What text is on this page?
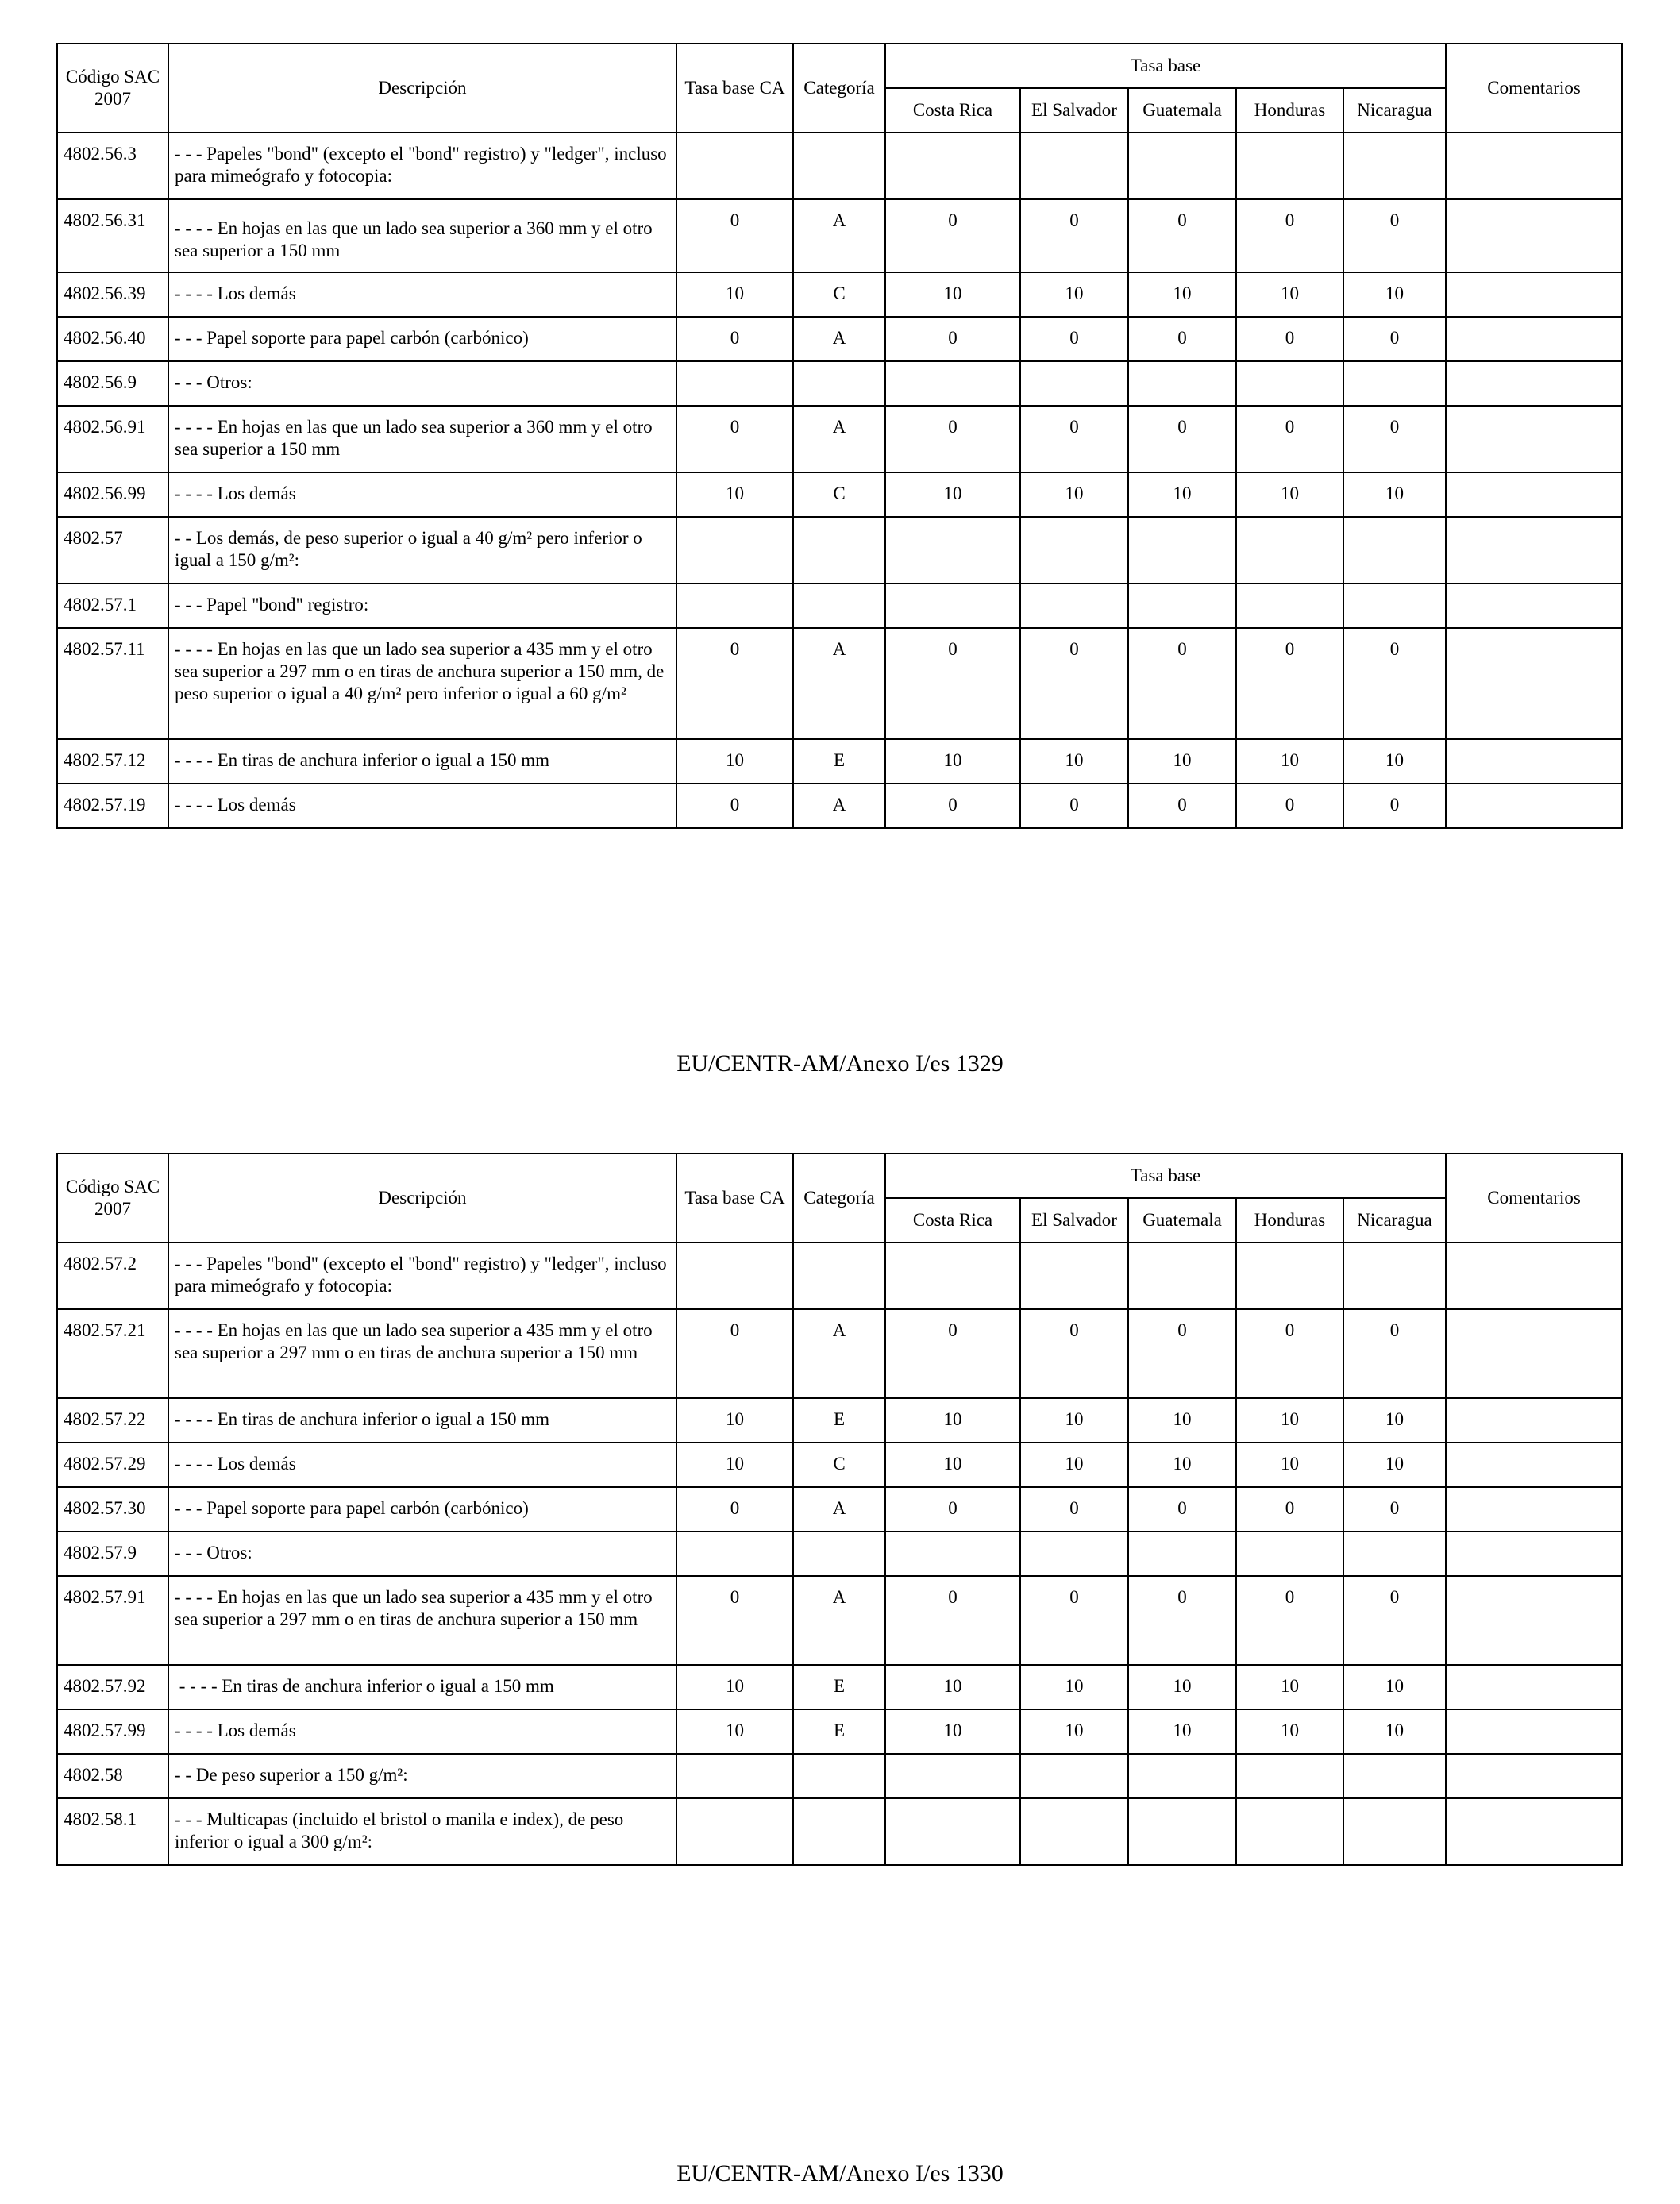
Código SAC 2007	Descripción	Tasa base CA	Categoría	Tasa base					Comentarios
				Costa Rica	El Salvador	Guatemala	Honduras	Nicaragua	
4802.56.3	- - - Papeles "bond" (excepto el "bond" registro) y "ledger", incluso para mimeógrafo y fotocopia:								
4802.56.31	- - - - En hojas en las que un lado sea superior a 360 mm y el otro sea superior a 150 mm	0	A	0	0	0	0	0	
4802.56.39	- - - - Los demás	10	C	10	10	10	10	10	
4802.56.40	- - - Papel soporte para papel carbón (carbónico)	0	A	0	0	0	0	0	
4802.56.9	- - - Otros:								
4802.56.91	- - - - En hojas en las que un lado sea superior a 360 mm y el otro sea superior a 150 mm	0	A	0	0	0	0	0	
4802.56.99	- - - - Los demás	10	C	10	10	10	10	10	
4802.57	- - Los demás, de peso superior o igual a 40 g/m² pero inferior o igual a 150 g/m²:								
4802.57.1	- - - Papel "bond" registro:								
4802.57.11	- - - - En hojas en las que un lado sea superior a 435 mm y el otro sea superior a 297 mm o en tiras de anchura superior a 150 mm, de peso superior o igual a 40 g/m² pero inferior o igual a 60 g/m²	0	A	0	0	0	0	0	
4802.57.12	- - - - En tiras de anchura inferior o igual a 150 mm	10	E	10	10	10	10	10	
4802.57.19	- - - - Los demás	0	A	0	0	0	0	0	
EU/CENTR-AM/Anexo I/es 1329
Código SAC 2007	Descripción	Tasa base CA	Categoría	Tasa base					Comentarios
				Costa Rica	El Salvador	Guatemala	Honduras	Nicaragua	
4802.57.2	- - - Papeles "bond" (excepto el "bond" registro) y "ledger", incluso para mimeógrafo y fotocopia:								
4802.57.21	- - - - En hojas en las que un lado sea superior a 435 mm y el otro sea superior a 297 mm o en tiras de anchura superior a 150 mm	0	A	0	0	0	0	0	
4802.57.22	- - - - En tiras de anchura inferior o igual a 150 mm	10	E	10	10	10	10	10	
4802.57.29	- - - - Los demás	10	C	10	10	10	10	10	
4802.57.30	- - - Papel soporte para papel carbón (carbónico)	0	A	0	0	0	0	0	
4802.57.9	- - - Otros:								
4802.57.91	- - - - En hojas en las que un lado sea superior a 435 mm y el otro sea superior a 297 mm o en tiras de anchura superior a 150 mm	0	A	0	0	0	0	0	
4802.57.92	- - - - En tiras de anchura inferior o igual a 150 mm	10	E	10	10	10	10	10	
4802.57.99	- - - - Los demás	10	E	10	10	10	10	10	
4802.58	- - De peso superior a 150 g/m²:								
4802.58.1	- - - Multicapas (incluido el bristol o manila e index), de peso inferior o igual a 300 g/m²:								
EU/CENTR-AM/Anexo I/es 1330
